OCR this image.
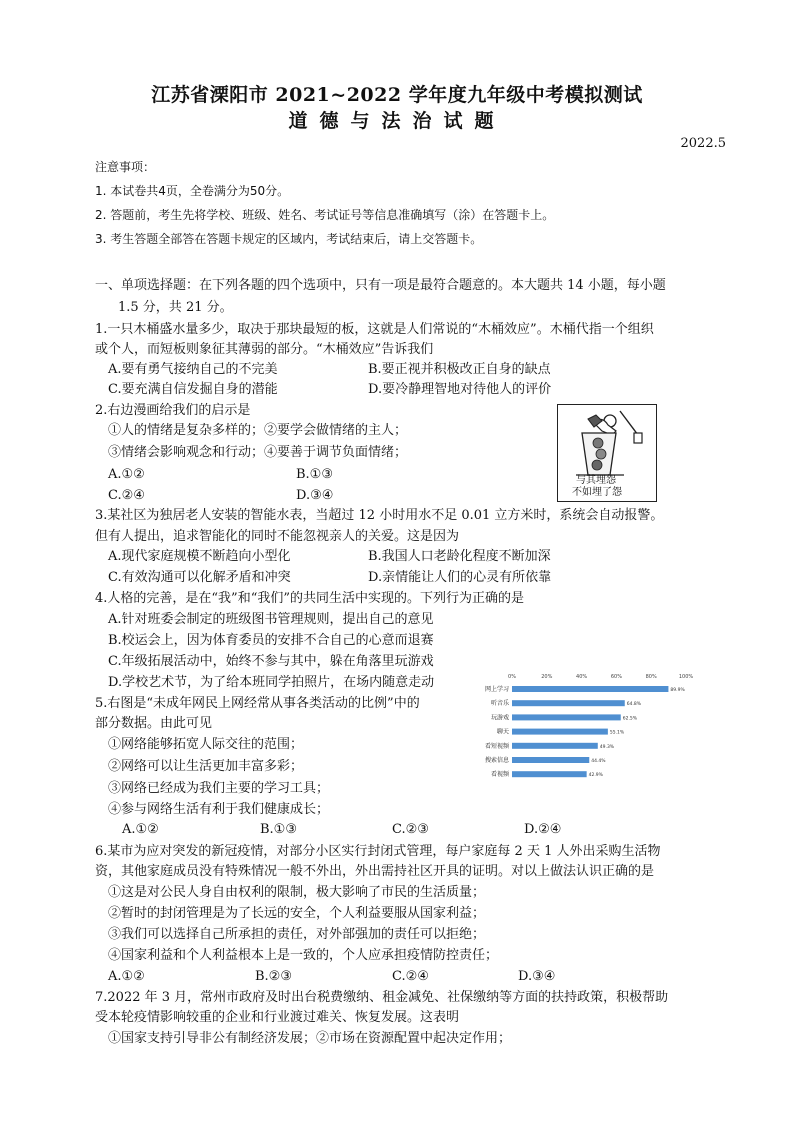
江苏省溧阳市 2021~2022 学年度九年级中考模拟测试
道德与法治试题
2022.5
注意事项：
1. 本试卷共4页，全卷满分为50分。
2. 答题前，考生先将学校、班级、姓名、考试证号等信息准确填写（涂）在答题卡上。
3. 考生答题全部答在答题卡规定的区域内，考试结束后，请上交答题卡。
一、单项选择题：在下列各题的四个选项中，只有一项是最符合题意的。本大题共 14 小题，每小题
1.5 分，共 21 分。
1.一只木桶盛水量多少，取决于那块最短的板，这就是人们常说的“木桶效应”。木桶代指一个组织
或个人，而短板则象征其薄弱的部分。“木桶效应”告诉我们
A.要有勇气接纳自己的不完美	B.要正视并积极改正自身的缺点
C.要充满自信发掘自身的潜能	D.要冷静理智地对待他人的评价
2.右边漫画给我们的启示是
①人的情绪是复杂多样的；②要学会做情绪的主人；
③情绪会影响观念和行动；④要善于调节负面情绪；
A.①②	B.①③
C.②④	D.③④
与其埋怨
不如埋了怨
3.某社区为独居老人安装的智能水表，当超过 12 小时用水不足 0.01 立方米时，系统会自动报警。
但有人提出，追求智能化的同时不能忽视亲人的关爱。这是因为
A.现代家庭规模不断趋向小型化	B.我国人口老龄化程度不断加深
C.有效沟通可以化解矛盾和冲突	D.亲情能让人们的心灵有所依靠
4.人格的完善，是在“我”和“我们”的共同生活中实现的。下列行为正确的是
A.针对班委会制定的班级图书管理规则，提出自己的意见
B.校运会上，因为体育委员的安排不合自己的心意而退赛
C.年级拓展活动中，始终不参与其中，躲在角落里玩游戏
D.学校艺术节，为了给本班同学拍照片，在场内随意走动
5.右图是“未成年网民上网经常从事各类活动的比例”中的
部分数据。由此可见
①网络能够拓宽人际交往的范围；
②网络可以让生活更加丰富多彩；
③网络已经成为我们主要的学习工具；
④参与网络生活有利于我们健康成长；
A.①②	B.①③	C.②③	D.②④
0%	20%	40%	60%	80%	100%
网上学习	89.9%
听音乐	64.8%
玩游戏	62.5%
聊天	55.1%
看短视频	49.3%
搜索信息	44.4%
看视频	42.9%
6.某市为应对突发的新冠疫情，对部分小区实行封闭式管理，每户家庭每 2 天 1 人外出采购生活物
资，其他家庭成员没有特殊情况一般不外出，外出需持社区开具的证明。对以上做法认识正确的是
①这是对公民人身自由权利的限制，极大影响了市民的生活质量；
②暂时的封闭管理是为了长远的安全，个人利益要服从国家利益；
③我们可以选择自己所承担的责任，对外部强加的责任可以拒绝；
④国家利益和个人利益根本上是一致的，个人应承担疫情防控责任；
A.①②	B.②③	C.②④	D.③④
7.2022 年 3 月，常州市政府及时出台税费缴纳、租金减免、社保缴纳等方面的扶持政策，积极帮助
受本轮疫情影响较重的企业和行业渡过难关、恢复发展。这表明
①国家支持引导非公有制经济发展；②市场在资源配置中起决定作用；
